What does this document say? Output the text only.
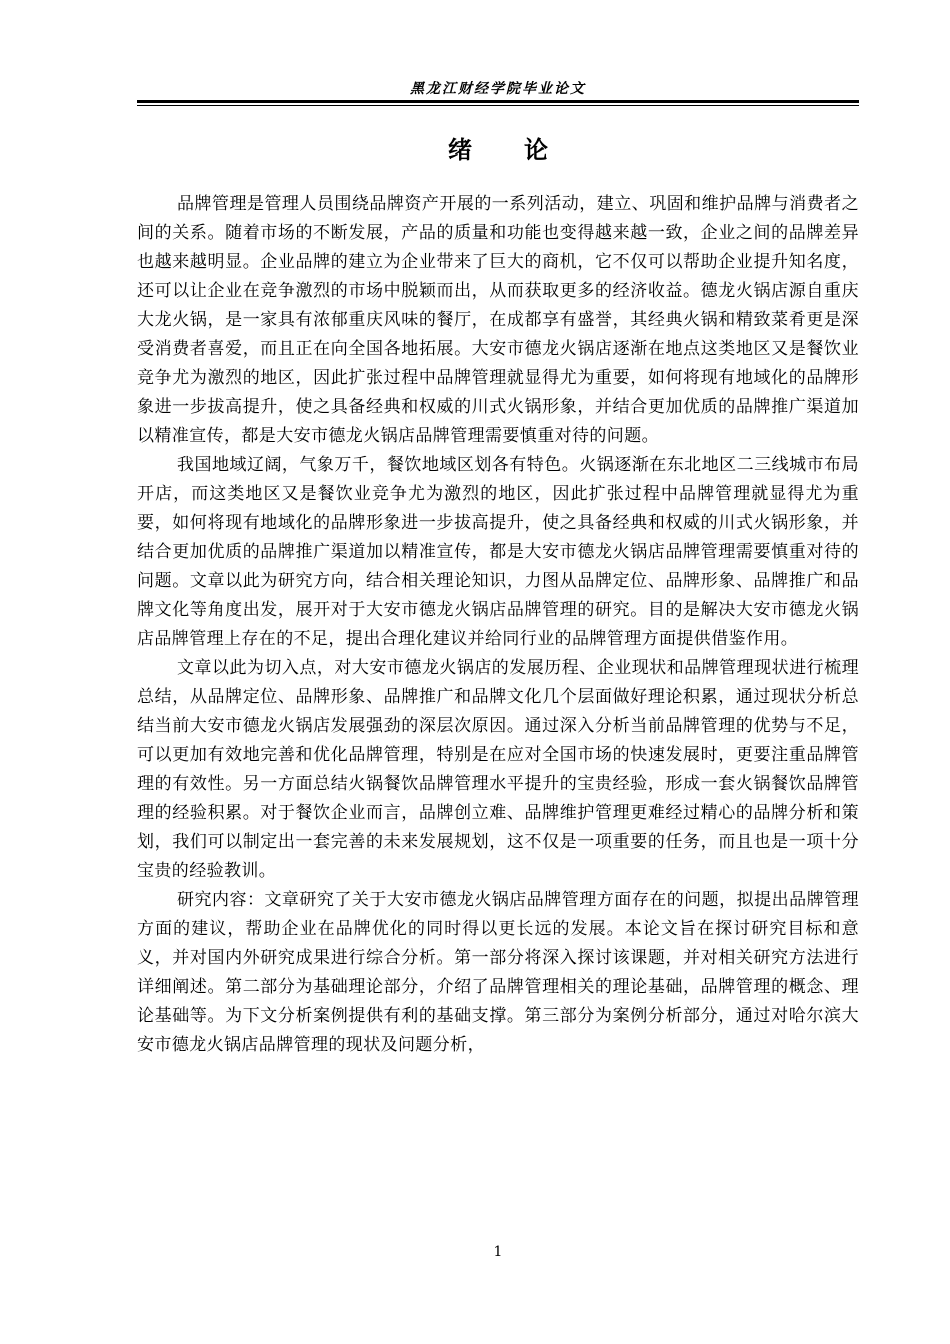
黑龙江财经学院毕业论文
绪 论

品牌管理是管理人员围绕品牌资产开展的一系列活动，建立、巩固和维护品牌与消费者之间的关系。随着市场的不断发展，产品的质量和功能也变得越来越一致，企业之间的品牌差异也越来越明显。企业品牌的建立为企业带来了巨大的商机，它不仅可以帮助企业提升知名度，还可以让企业在竞争激烈的市场中脱颖而出，从而获取更多的经济收益。德龙火锅店源自重庆大龙火锅，是一家具有浓郁重庆风味的餐厅，在成都享有盛誉，其经典火锅和精致菜肴更是深受消费者喜爱，而且正在向全国各地拓展。大安市德龙火锅店逐渐在地点这类地区又是餐饮业竞争尤为激烈的地区，因此扩张过程中品牌管理就显得尤为重要，如何将现有地域化的品牌形象进一步拔高提升，使之具备经典和权威的川式火锅形象，并结合更加优质的品牌推广渠道加以精准宣传，都是大安市德龙火锅店品牌管理需要慎重对待的问题。

我国地域辽阔，气象万千，餐饮地域区划各有特色。火锅逐渐在东北地区二三线城市布局开店，而这类地区又是餐饮业竞争尤为激烈的地区，因此扩张过程中品牌管理就显得尤为重要，如何将现有地域化的品牌形象进一步拔高提升，使之具备经典和权威的川式火锅形象，并结合更加优质的品牌推广渠道加以精准宣传，都是大安市德龙火锅店品牌管理需要慎重对待的问题。文章以此为研究方向，结合相关理论知识，力图从品牌定位、品牌形象、品牌推广和品牌文化等角度出发，展开对于大安市德龙火锅店品牌管理的研究。目的是解决大安市德龙火锅店品牌管理上存在的不足，提出合理化建议并给同行业的品牌管理方面提供借鉴作用。

文章以此为切入点，对大安市德龙火锅店的发展历程、企业现状和品牌管理现状进行梳理总结，从品牌定位、品牌形象、品牌推广和品牌文化几个层面做好理论积累，通过现状分析总结当前大安市德龙火锅店发展强劲的深层次原因。通过深入分析当前品牌管理的优势与不足，可以更加有效地完善和优化品牌管理，特别是在应对全国市场的快速发展时，更要注重品牌管理的有效性。另一方面总结火锅餐饮品牌管理水平提升的宝贵经验，形成一套火锅餐饮品牌管理的经验积累。对于餐饮企业而言，品牌创立难、品牌维护管理更难经过精心的品牌分析和策划，我们可以制定出一套完善的未来发展规划，这不仅是一项重要的任务，而且也是一项十分宝贵的经验教训。

研究内容：文章研究了关于大安市德龙火锅店品牌管理方面存在的问题，拟提出品牌管理方面的建议，帮助企业在品牌优化的同时得以更长远的发展。本论文旨在探讨研究目标和意义，并对国内外研究成果进行综合分析。第一部分将深入探讨该课题，并对相关研究方法进行详细阐述。第二部分为基础理论部分，介绍了品牌管理相关的理论基础，品牌管理的概念、理论基础等。为下文分析案例提供有利的基础支撑。第三部分为案例分析部分，通过对哈尔滨大安市德龙火锅店品牌管理的现状及问题分析，

1
